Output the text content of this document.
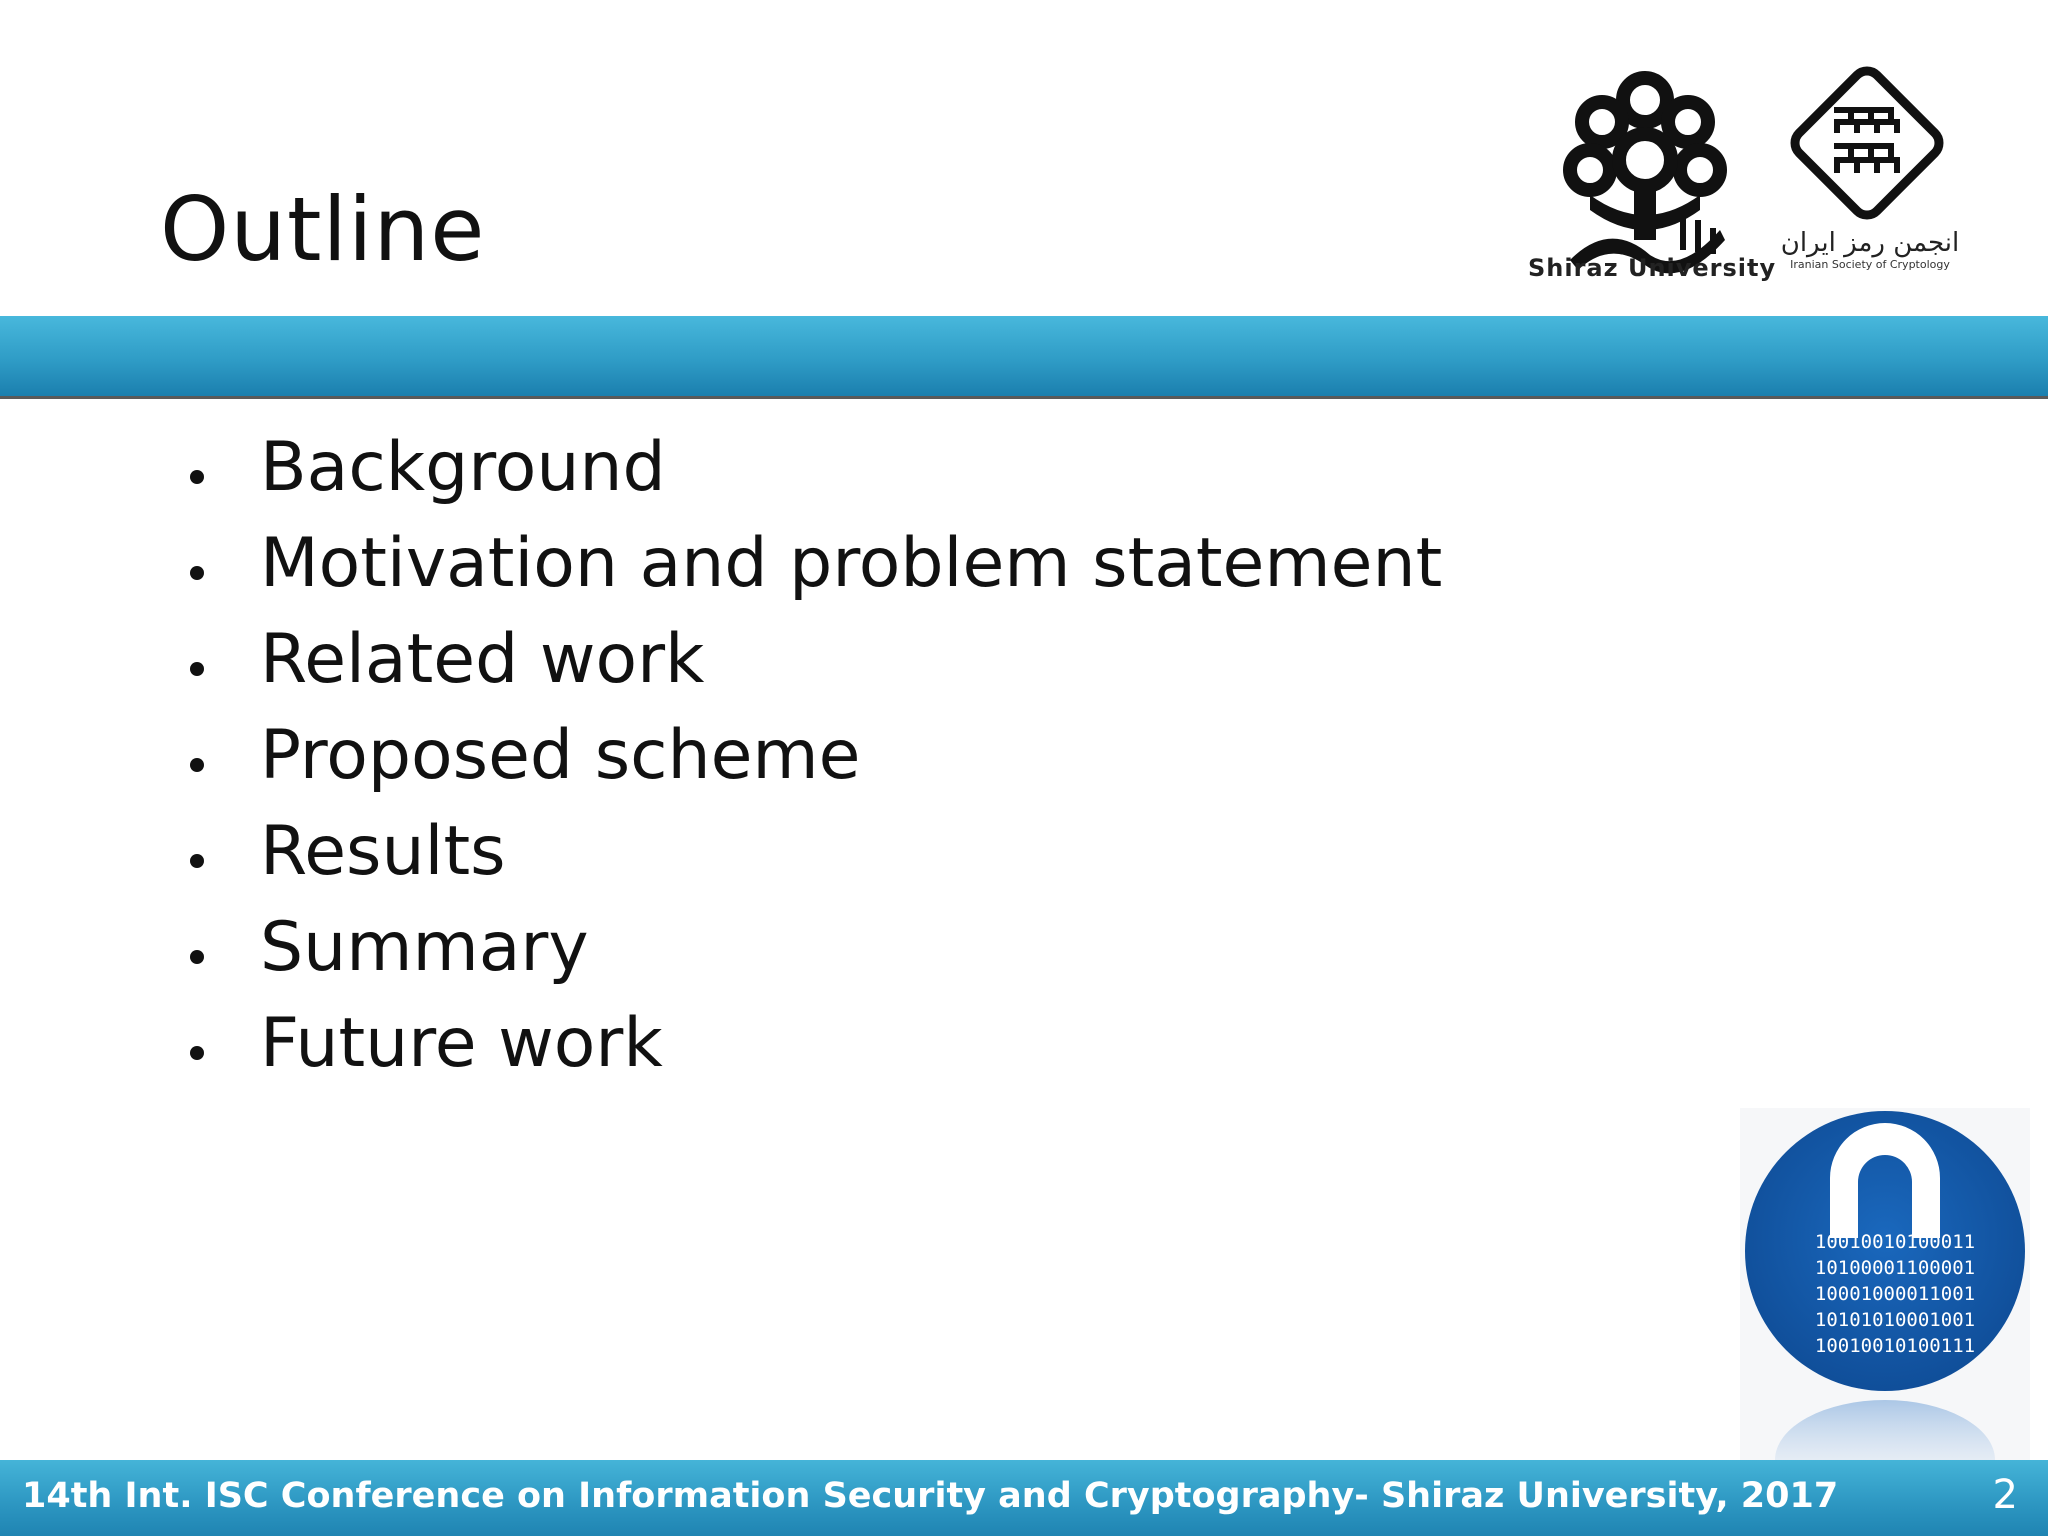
Outline	Shiraz University
انجمن رمز ایران
Iranian Society of Cryptology
Background
Motivation and problem statement
Related work
Proposed scheme
Results
Summary
Future work
10010010100011
10100001100001
10001000011001
10101010001001
10010010100111
14th Int. ISC Conference on Information Security and Cryptography- Shiraz University, 2017	2
